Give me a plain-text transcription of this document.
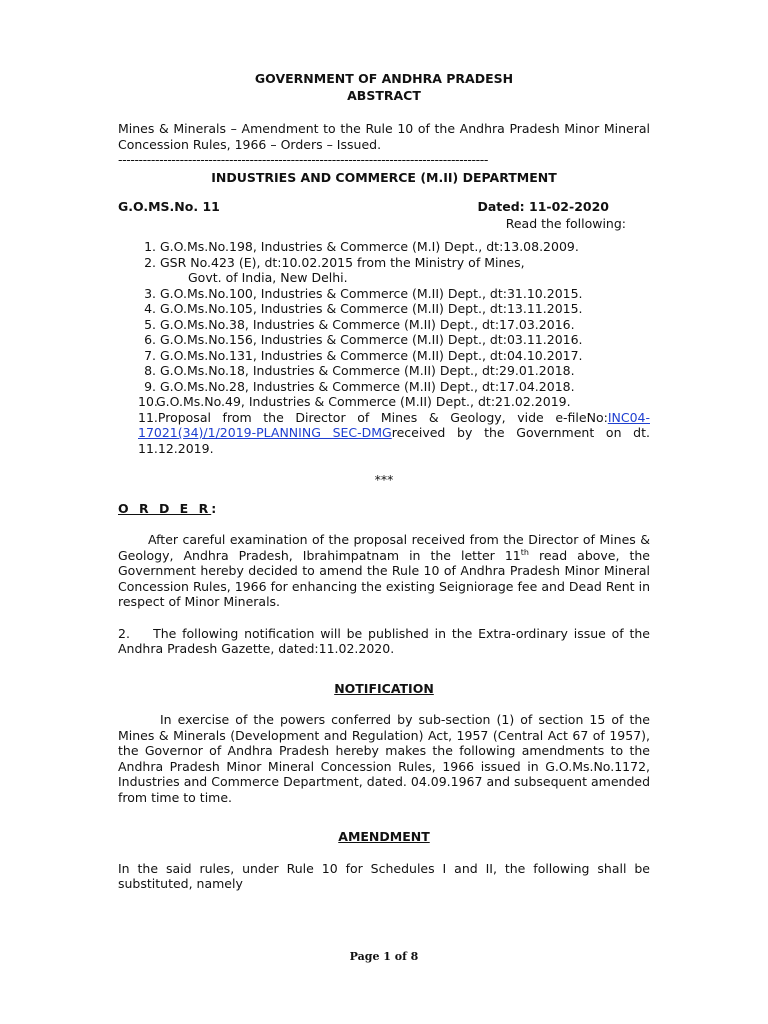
GOVERNMENT OF ANDHRA PRADESH
ABSTRACT
Mines & Minerals – Amendment to the Rule 10 of the Andhra Pradesh Minor Mineral Concession Rules, 1966 – Orders – Issued.
------------------------------------------------------------------------------------------
INDUSTRIES AND COMMERCE (M.II) DEPARTMENT
G.O.MS.No. 11	Dated: 11-02-2020
Read the following:
1. G.O.Ms.No.198, Industries & Commerce (M.I) Dept., dt:13.08.2009.
2. GSR No.423 (E), dt:10.02.2015 from the Ministry of Mines,
Govt. of India, New Delhi.
3. G.O.Ms.No.100, Industries & Commerce (M.II) Dept., dt:31.10.2015.
4. G.O.Ms.No.105, Industries & Commerce (M.II) Dept., dt:13.11.2015.
5. G.O.Ms.No.38, Industries & Commerce (M.II) Dept., dt:17.03.2016.
6. G.O.Ms.No.156, Industries & Commerce (M.II) Dept., dt:03.11.2016.
7. G.O.Ms.No.131, Industries & Commerce (M.II) Dept., dt:04.10.2017.
8. G.O.Ms.No.18, Industries & Commerce (M.II) Dept., dt:29.01.2018.
9. G.O.Ms.No.28, Industries & Commerce (M.II) Dept., dt:17.04.2018.
10.
G.O.Ms.No.49, Industries & Commerce (M.II) Dept., dt:21.02.2019.
11.Proposal from the Director of Mines & Geology, vide e-fileNo:INC04-17021(34)/1/2019-PLANNING SEC-DMGreceived by the Government on dt. 11.12.2019.
***
O R D E R:
After careful examination of the proposal received from the Director of Mines & Geology, Andhra Pradesh, Ibrahimpatnam in the letter 11th read above, the Government hereby decided to amend the Rule 10 of Andhra Pradesh Minor Mineral Concession Rules, 1966 for enhancing the existing Seigniorage fee and Dead Rent in respect of Minor Minerals.
2.    The following notification will be published in the Extra-ordinary issue of the Andhra Pradesh Gazette, dated:11.02.2020.
NOTIFICATION
In exercise of the powers conferred by sub-section (1) of section 15 of the Mines & Minerals (Development and Regulation) Act, 1957 (Central Act 67 of 1957), the Governor of Andhra Pradesh hereby makes the following amendments to the Andhra Pradesh Minor Mineral Concession Rules, 1966 issued in G.O.Ms.No.1172, Industries and Commerce Department, dated. 04.09.1967 and subsequent amended from time to time.
AMENDMENT
In the said rules, under Rule 10 for Schedules I and II, the following shall be substituted, namely
Page 1 of 8
